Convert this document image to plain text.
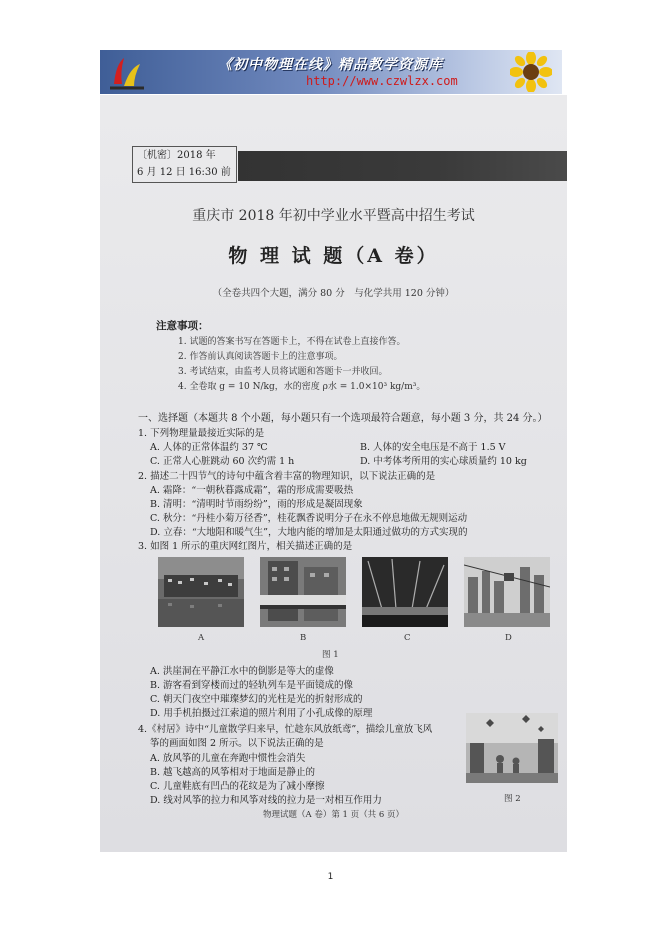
《初中物理在线》精品教学资源库
http://www.czwlzx.com
〔机密〕2018 年
6 月 12 日 16:30 前
重庆市 2018 年初中学业水平暨高中招生考试
物 理 试 题（A 卷）
（全卷共四个大题，满分 80 分　与化学共用 120 分钟）
注意事项：
1. 试题的答案书写在答题卡上，不得在试卷上直接作答。
2. 作答前认真阅读答题卡上的注意事项。
3. 考试结束，由监考人员将试题和答题卡一并收回。
4. 全卷取 g = 10 N/kg，水的密度 ρ水 = 1.0×10³ kg/m³。
一、选择题（本题共 8 个小题，每小题只有一个选项最符合题意，每小题 3 分，共 24 分。）
1. 下列物理量最接近实际的是
A. 人体的正常体温约 37 ℃	B. 人体的安全电压是不高于 1.5 V
C. 正常人心脏跳动 60 次约需 1 h	D. 中考体考所用的实心球质量约 10 kg
2. 描述二十四节气的诗句中蕴含着丰富的物理知识，以下说法正确的是
A. 霜降：“一朝秋暮露成霜”，霜的形成需要吸热
B. 清明：“清明时节雨纷纷”，雨的形成是凝固现象
C. 秋分：“丹桂小菊万径香”，桂花飘香说明分子在永不停息地做无规则运动
D. 立春：“大地阳和暖气生”，大地内能的增加是太阳通过做功的方式实现的
3. 如图 1 所示的重庆网红图片，相关描述正确的是
A	B	C	D
图 1
A. 洪崖洞在平静江水中的倒影是等大的虚像
B. 游客看到穿楼而过的轻轨列车是平面镜成的像
C. 朝天门夜空中璀璨梦幻的光柱是光的折射形成的
D. 用手机拍摄过江索道的照片利用了小孔成像的原理
4.《村居》诗中“儿童散学归来早，忙趁东风放纸鸢”，描绘儿童放飞风
筝的画面如图 2 所示。以下说法正确的是
A. 放风筝的儿童在奔跑中惯性会消失
B. 越飞越高的风筝相对于地面是静止的
C. 儿童鞋底有凹凸的花纹是为了减小摩擦
D. 线对风筝的拉力和风筝对线的拉力是一对相互作用力	图 2
物理试题（A 卷）第 1 页（共 6 页）
1
